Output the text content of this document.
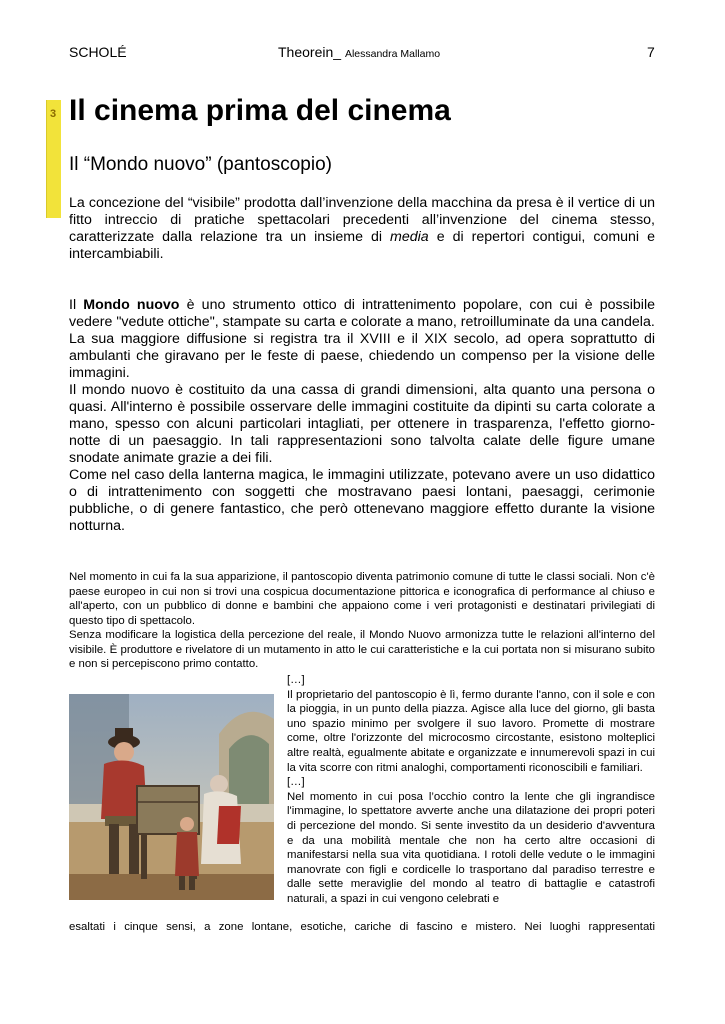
SCHOLÉ	Theorein_ Alessandra Mallamo	7
3 Il cinema prima del cinema
Il “Mondo nuovo” (pantoscopio)

La concezione del “visibile” prodotta dall’invenzione della macchina da presa è il vertice di un fitto intreccio di pratiche spettacolari precedenti all’invenzione del cinema stesso, caratterizzate dalla relazione tra un insieme di media e di repertori contigui, comuni e intercambiabili.

Il Mondo nuovo è uno strumento ottico di intrattenimento popolare, con cui è possibile vedere "vedute ottiche", stampate su carta e colorate a mano, retroilluminate da una candela.
La sua maggiore diffusione si registra tra il XVIII e il XIX secolo, ad opera soprattutto di ambulanti che giravano per le feste di paese, chiedendo un compenso per la visione delle immagini.
Il mondo nuovo è costituito da una cassa di grandi dimensioni, alta quanto una persona o quasi. All'interno è possibile osservare delle immagini costituite da dipinti su carta colorate a mano, spesso con alcuni particolari intagliati, per ottenere in trasparenza, l'effetto giorno-notte di un paesaggio. In tali rappresentazioni sono talvolta calate delle figure umane snodate animate grazie a dei fili.
Come nel caso della lanterna magica, le immagini utilizzate, potevano avere un uso didattico o di intrattenimento con soggetti che mostravano paesi lontani, paesaggi, cerimonie pubbliche, o di genere fantastico, che però ottenevano maggiore effetto durante la visione notturna.
Nel momento in cui fa la sua apparizione, il pantoscopio diventa patrimonio comune di tutte le classi sociali. Non c'è paese europeo in cui non si trovi una cospicua documentazione pittorica e iconografica di performance al chiuso e all'aperto, con un pubblico di donne e bambini che appaiono come i veri protagonisti e destinatari privilegiati di questo tipo di spettacolo.
Senza modificare la logistica della percezione del reale, il Mondo Nuovo armonizza tutte le relazioni all'interno del visibile. È produttore e rivelatore di un mutamento in atto le cui caratteristiche e la cui portata non si misurano subito e non si percepiscono primo contatto.

[…]

Il proprietario del pantoscopio è lì, fermo durante l'anno, con il sole e con la pioggia, in un punto della piazza. Agisce alla luce del giorno, gli basta uno spazio minimo per svolgere il suo lavoro. Promette di mostrare come, oltre l'orizzonte del microcosmo circostante, esistono molteplici altre realtà, egualmente abitate e organizzate e innumerevoli spazi in cui la vita scorre con ritmi analoghi, comportamenti riconoscibili e familiari.

[…]

Nel momento in cui posa l’occhio contro la lente che gli ingrandisce l'immagine, lo spettatore avverte anche una dilatazione dei propri poteri di percezione del mondo. Si sente investito da un desiderio d'avventura e da una mobilità mentale che non ha certo altre occasioni di manifestarsi nella sua vita quotidiana. I rotoli delle vedute o le immagini manovrate con figli e cordicelle lo trasportano dal paradiso terrestre e dalle sette meraviglie del mondo al teatro di battaglie e catastrofi naturali, a spazi in cui vengono celebrati e

esaltati i cinque sensi, a zone lontane, esotiche, cariche di fascino e mistero. Nei luoghi rappresentati
